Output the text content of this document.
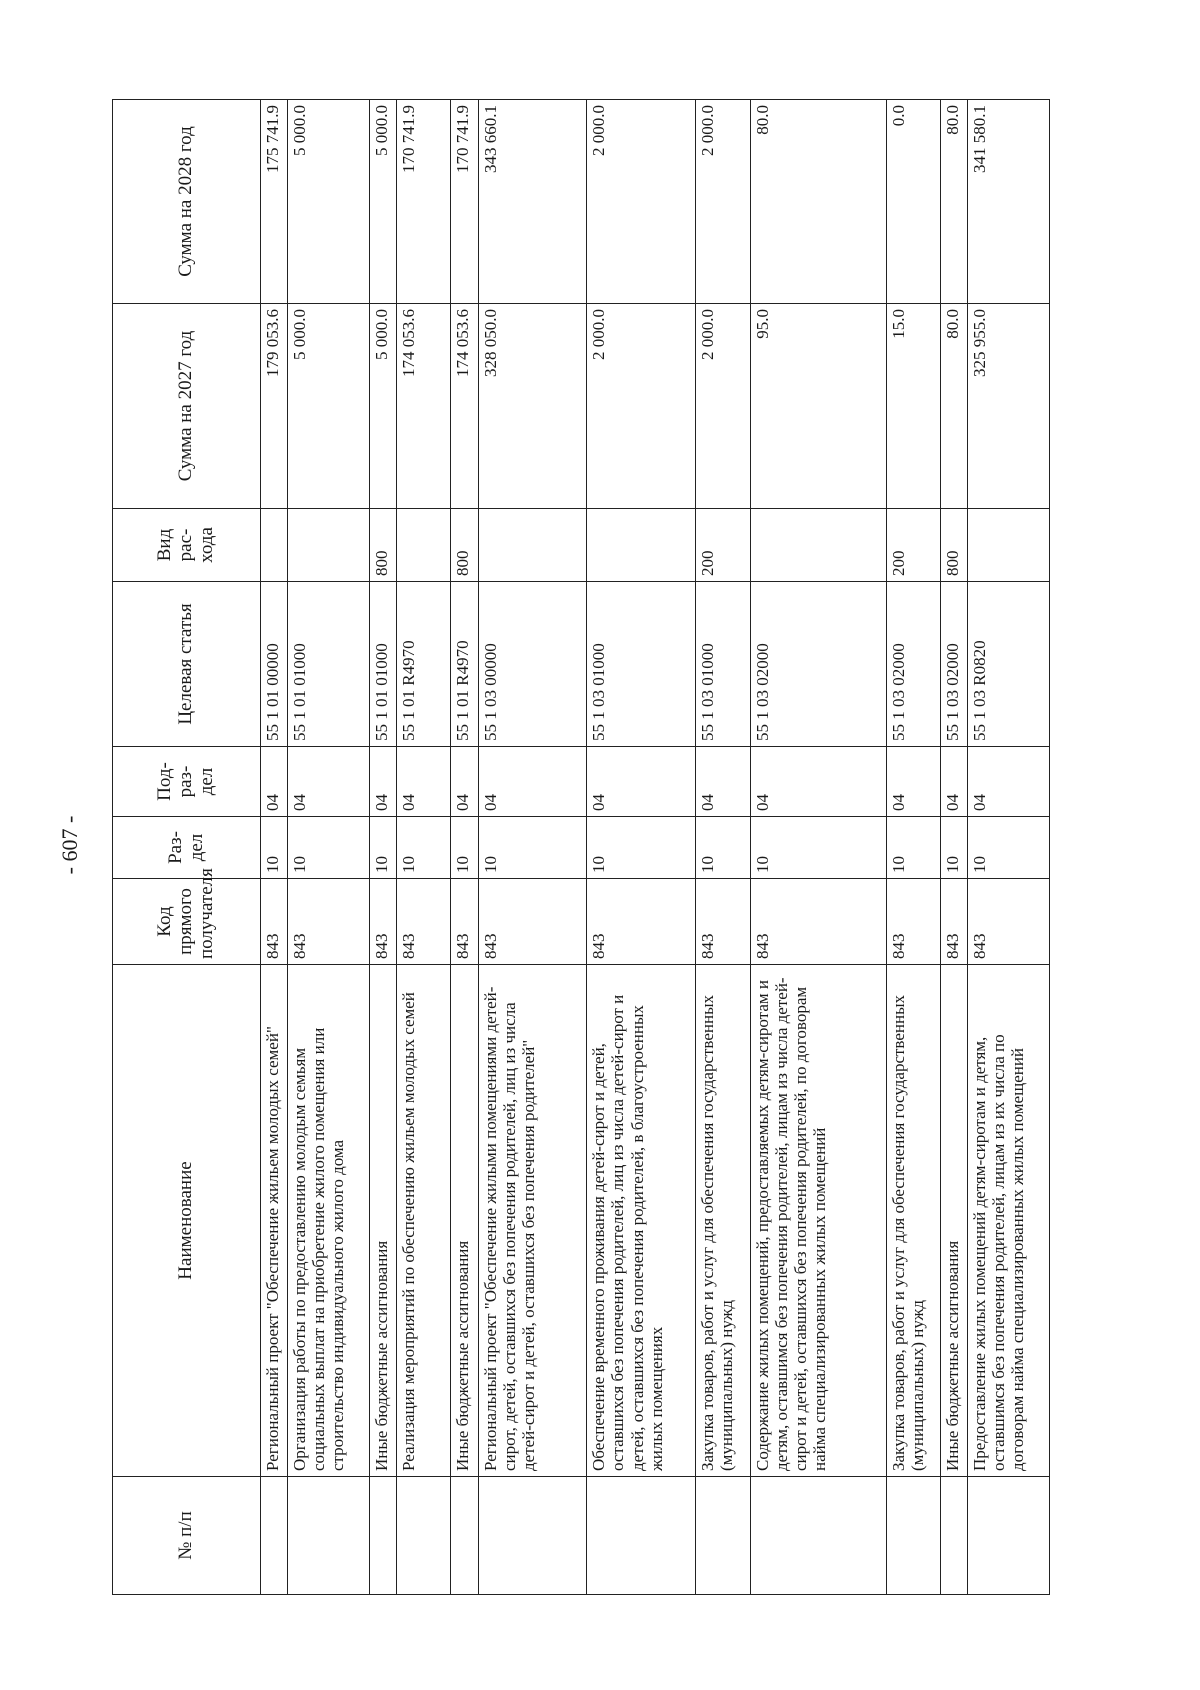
- 607 -
№ п/п	Наименование	Код прямого получателя	Раз-дел	Под-раз-дел	Целевая статья	Вид рас-хода	Сумма на 2027 год	Сумма на 2028 год
	Региональный проект "Обеспечение жильем молодых семей"	843	10	04	55 1 01 00000		179 053.6	175 741.9
	Организация работы по предоставлению молодым семьям социальных выплат на приобретение жилого помещения или строительство индивидуального жилого дома	843	10	04	55 1 01 01000		5 000.0	5 000.0
	Иные бюджетные ассигнования	843	10	04	55 1 01 01000	800	5 000.0	5 000.0
	Реализация мероприятий по обеспечению жильем молодых семей	843	10	04	55 1 01 R4970		174 053.6	170 741.9
	Иные бюджетные ассигнования	843	10	04	55 1 01 R4970	800	174 053.6	170 741.9
	Региональный проект "Обеспечение жилыми помещениями детей-сирот, детей, оставшихся без попечения родителей, лиц из числа детей-сирот и детей, оставшихся без попечения родителей"	843	10	04	55 1 03 00000		328 050.0	343 660.1
	Обеспечение временного проживания детей-сирот и детей, оставшихся без попечения родителей, лиц из числа детей-сирот и детей, оставшихся без попечения родителей, в благоустроенных жилых помещениях	843	10	04	55 1 03 01000		2 000.0	2 000.0
	Закупка товаров, работ и услуг для обеспечения государственных (муниципальных) нужд	843	10	04	55 1 03 01000	200	2 000.0	2 000.0
	Содержание жилых помещений, предоставляемых детям-сиротам и детям, оставшимся без попечения родителей, лицам из числа детей-сирот и детей, оставшихся без попечения родителей, по договорам найма специализированных жилых помещений	843	10	04	55 1 03 02000		95.0	80.0
	Закупка товаров, работ и услуг для обеспечения государственных (муниципальных) нужд	843	10	04	55 1 03 02000	200	15.0	0.0
	Иные бюджетные ассигнования	843	10	04	55 1 03 02000	800	80.0	80.0
	Предоставление жилых помещений детям-сиротам и детям, оставшимся без попечения родителей, лицам из их числа по договорам найма специализированных жилых помещений	843	10	04	55 1 03 R0820		325 955.0	341 580.1
